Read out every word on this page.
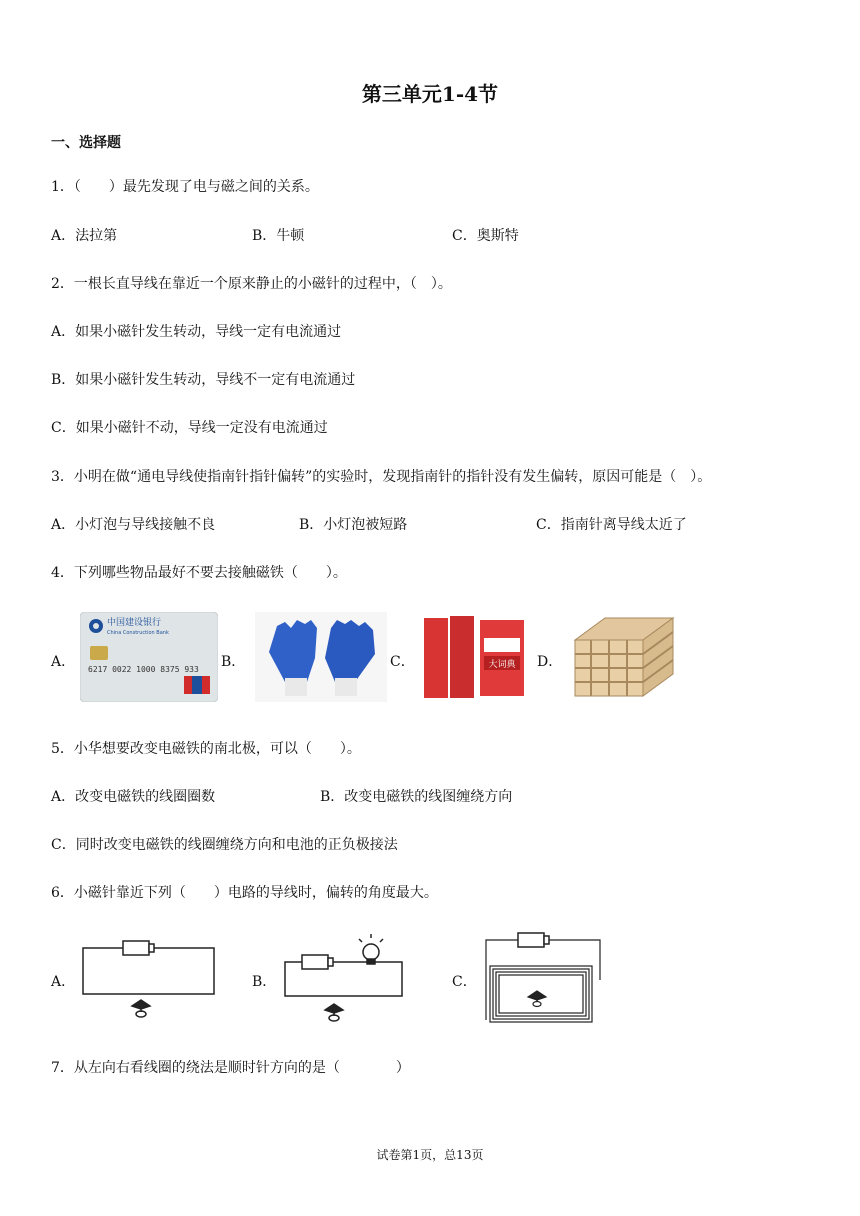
第三单元1-4节
一、选择题
1．（　　）最先发现了电与磁之间的关系。
A．法拉第	B．牛顿	C．奥斯特
2．一根长直导线在靠近一个原来静止的小磁针的过程中，（　）。
A．如果小磁针发生转动，导线一定有电流通过
B．如果小磁针发生转动，导线不一定有电流通过
C．如果小磁针不动，导线一定没有电流通过
3．小明在做“通电导线使指南针指针偏转”的实验时，发现指南针的指针没有发生偏转，原因可能是（　）。
A．小灯泡与导线接触不良	B．小灯泡被短路	C．指南针离导线太近了
4．下列哪些物品最好不要去接触磁铁（　　）。
A．
中国建设银行
China Construction Bank
6217 0022 1000 8375 933 B．	C．	大词典 D．
5．小华想要改变电磁铁的南北极，可以（　　）。
A．改变电磁铁的线圈圈数	B．改变电磁铁的线图缠绕方向
C．同时改变电磁铁的线圈缠绕方向和电池的正负极接法
6．小磁针靠近下列（　　）电路的导线时，偏转的角度最大。
A．	B．	C．
7．从左向右看线圈的绕法是顺时针方向的是（　　　　）
试卷第1页，总13页
